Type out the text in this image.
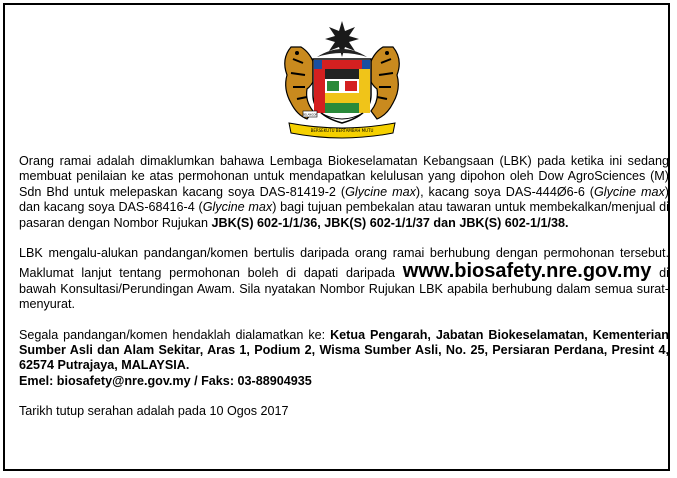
SELANGOR
BERSEKUTU BERTAMBAH MUTU

Orang ramai adalah dimaklumkan bahawa Lembaga Biokeselamatan Kebangsaan (LBK) pada ketika ini sedang membuat penilaian ke atas permohonan untuk mendapatkan kelulusan yang dipohon oleh Dow AgroSciences (M) Sdn Bhd untuk melepaskan kacang soya DAS-81419-2 (Glycine max), kacang soya DAS-444Ø6-6 (Glycine max) dan kacang soya DAS-68416-4 (Glycine max) bagi tujuan pembekalan atau tawaran untuk membekalkan/menjual di pasaran dengan Nombor Rujukan JBK(S) 602-1/1/36, JBK(S) 602-1/1/37 dan JBK(S) 602-1/1/38.

LBK mengalu-alukan pandangan/komen bertulis daripada orang ramai berhubung dengan permohonan tersebut. Maklumat lanjut tentang permohonan boleh di dapati daripada www.biosafety.nre.gov.my di bawah Konsultasi/Perundingan Awam. Sila nyatakan Nombor Rujukan LBK apabila berhubung dalam semua surat-menyurat.

Segala pandangan/komen hendaklah dialamatkan ke: Ketua Pengarah, Jabatan Biokeselamatan, Kementerian Sumber Asli dan Alam Sekitar, Aras 1, Podium 2, Wisma Sumber Asli, No. 25, Persiaran Perdana, Presint 4, 62574 Putrajaya, MALAYSIA.
Emel: biosafety@nre.gov.my / Faks: 03-88904935

Tarikh tutup serahan adalah pada 10 Ogos 2017
